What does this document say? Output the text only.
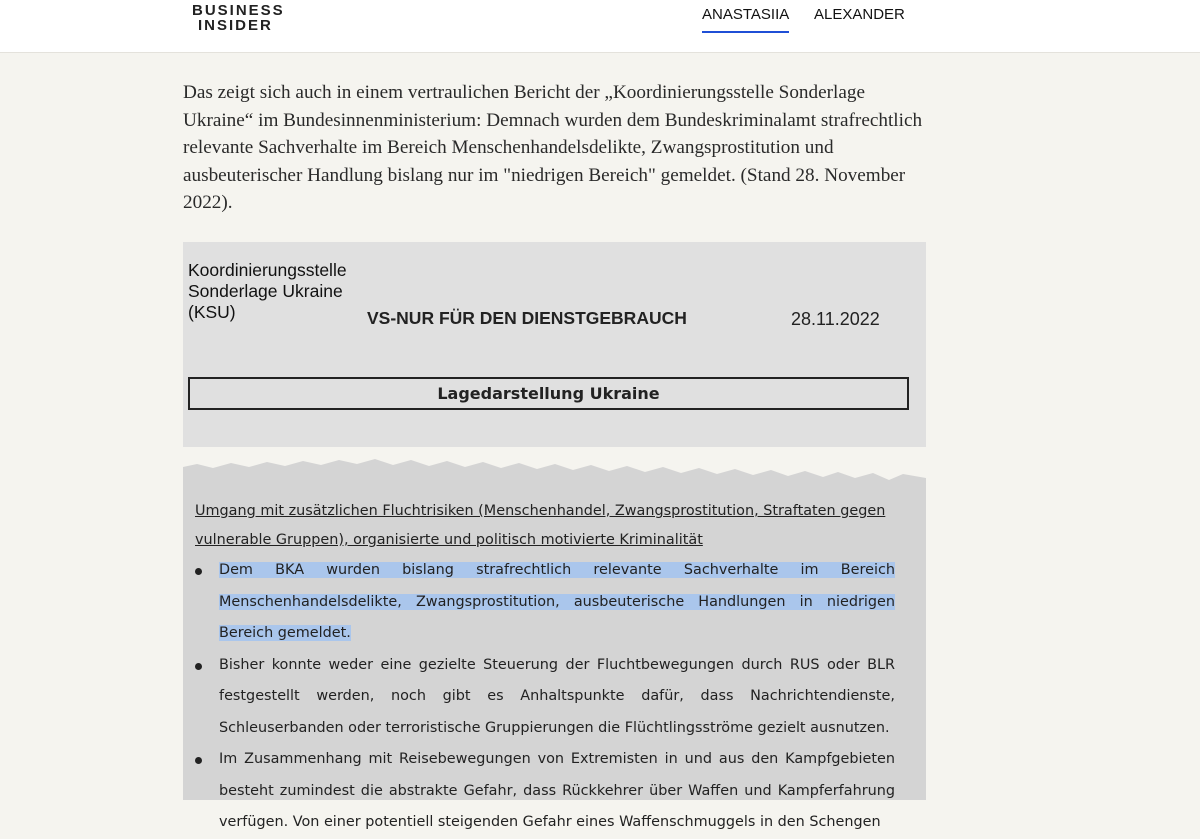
BUSINESS
INSIDER
ANASTASIIA ALEXANDER

Das zeigt sich auch in einem vertraulichen Bericht der „Koordinierungsstelle Sonderlage Ukraine“ im Bundesinnenministerium: Demnach wurden dem Bundeskriminalamt strafrechtlich relevante Sachverhalte im Bereich Menschenhandelsdelikte, Zwangsprostitution und ausbeuterischer Handlung bislang nur im "niedrigen Bereich" gemeldet. (Stand 28. November 2022).

Koordinierungsstelle
Sonderlage Ukraine
(KSU)	VS-NUR FÜR DEN DIENSTGEBRAUCH	28.11.2022
Lagedarstellung Ukraine
Umgang mit zusätzlichen Fluchtrisiken (Menschenhandel, Zwangsprostitution, Straftaten gegen vulnerable Gruppen), organisierte und politisch motivierte Kriminalität
Dem BKA wurden bislang strafrechtlich relevante Sachverhalte im Bereich Menschenhandelsdelikte, Zwangsprostitution, ausbeuterische Handlungen in niedrigen Bereich gemeldet.
Bisher konnte weder eine gezielte Steuerung der Fluchtbewegungen durch RUS oder BLR festgestellt werden, noch gibt es Anhaltspunkte dafür, dass Nachrichtendienste, Schleuserbanden oder terroristische Gruppierungen die Flüchtlingsströme gezielt ausnutzen.
Im Zusammenhang mit Reisebewegungen von Extremisten in und aus den Kampfgebieten besteht zumindest die abstrakte Gefahr, dass Rückkehrer über Waffen und Kampferfahrung verfügen. Von einer potentiell steigenden Gefahr eines Waffenschmuggels in den Schengen
